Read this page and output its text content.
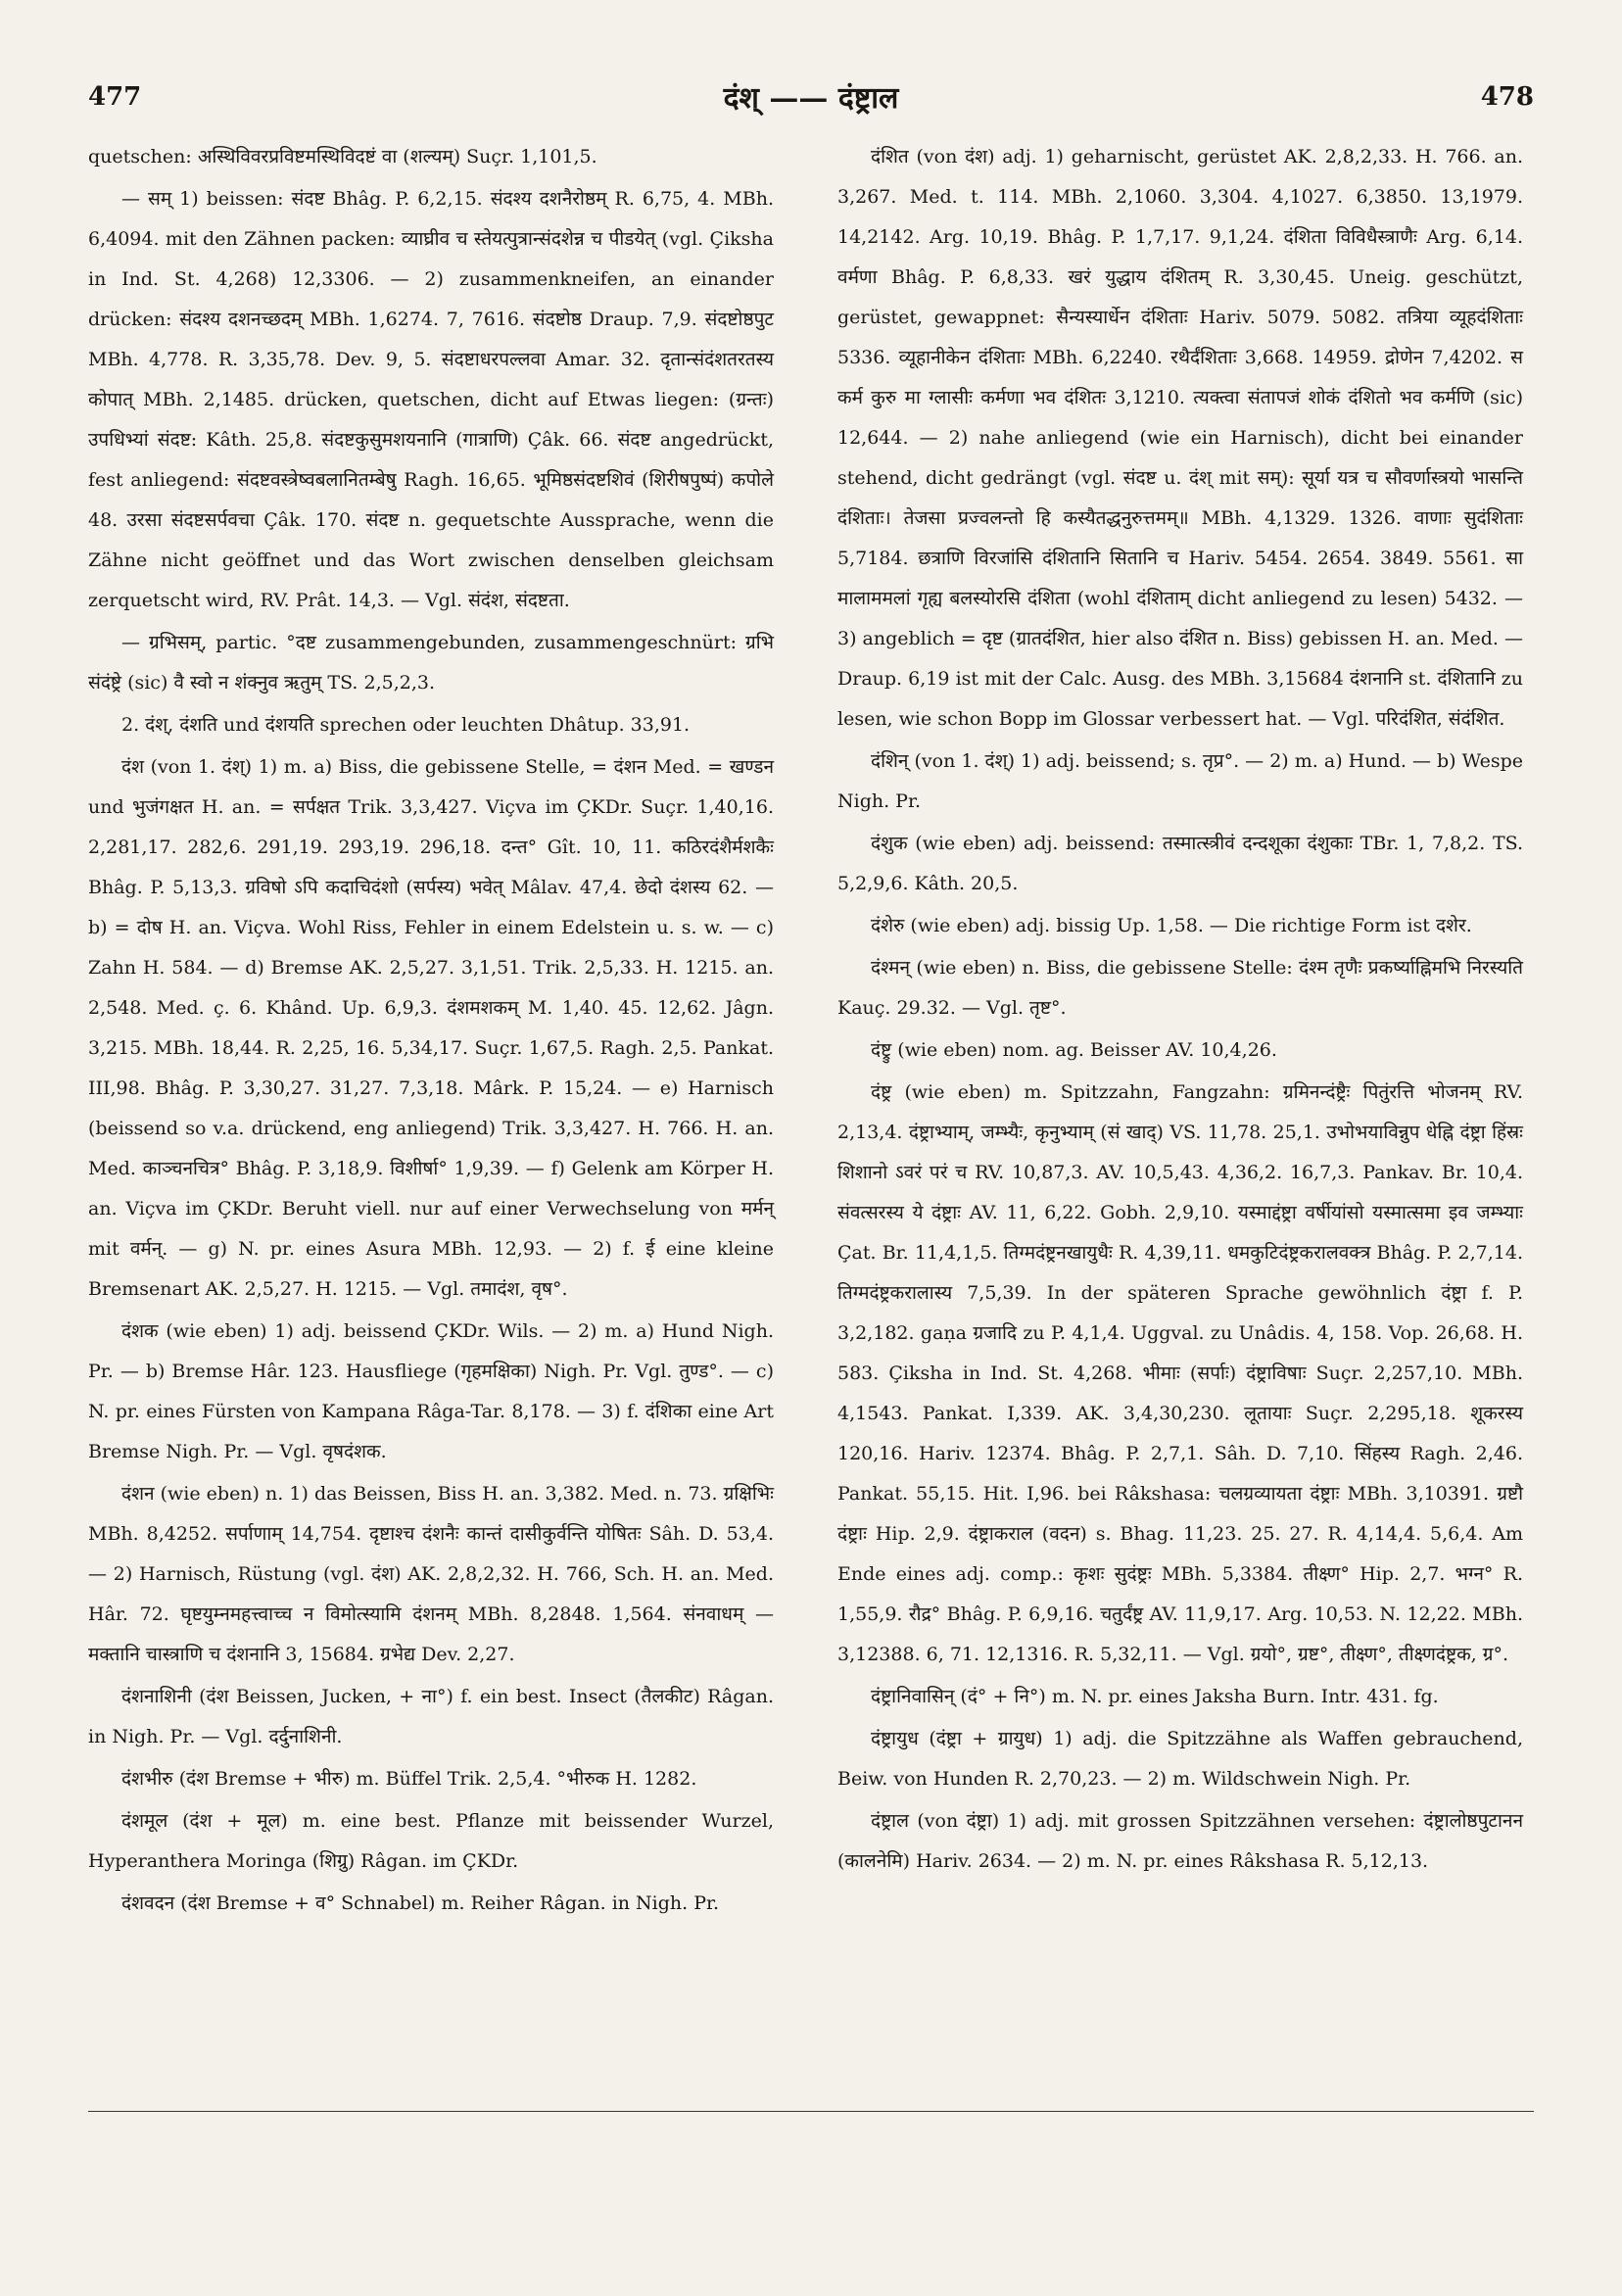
477	दंश् —— दंष्ट्राल	478

quetschen: अस्थिविवरप्रविष्टमस्थिविदष्टं वा (शल्यम्) Suçr. 1,101,5.

— सम् 1) beissen: संदष्ट Bhâg. P. 6,2,15. संदश्य दशनैरोष्ठम् R. 6,75, 4. MBh. 6,4094. mit den Zähnen packen: व्याघ्रीव च स्तेयत्पुत्रान्संदशेन्न च पीडयेत् (vgl. Çiksha in Ind. St. 4,268) 12,3306. — 2) zusammenkneifen, an einander drücken: संदश्य दशनच्छदम् MBh. 1,6274. 7, 7616. संदष्टोष्ठ Draup. 7,9. संदष्टोष्ठपुट MBh. 4,778. R. 3,35,78. Dev. 9, 5. संदष्टाधरपल्लवा Amar. 32. दृतान्संदंशतरतस्य कोपात् MBh. 2,1485. drücken, quetschen, dicht auf Etwas liegen: (ग्रन्तः) उपधिभ्यां संदष्ट: Kâth. 25,8. संदष्टकुसुमशयनानि (गात्राणि) Çâk. 66. संदष्ट angedrückt, fest anliegend: संदष्टवस्त्रेष्वबलानितम्बेषु Ragh. 16,65. भूमिष्ठसंदष्टशिवं (शिरीषपुष्पं) कपोले 48. उरसा संदष्टसर्पवचा Çâk. 170. संदष्ट n. gequetschte Aussprache, wenn die Zähne nicht geöffnet und das Wort zwischen denselben gleichsam zerquetscht wird, RV. Prât. 14,3. — Vgl. संदंश, संदष्टता.

— ग्रभिसम्, partic. °दष्ट zusammengebunden, zusammengeschnürt: ग्रभि संदंष्ट्रे (sic) वै स्वो न शंक्नुव ऋतुम् TS. 2,5,2,3.

2. दंश्, दंशति und दंशयति sprechen oder leuchten Dhâtup. 33,91.

दंश (von 1. दंश्) 1) m. a) Biss, die gebissene Stelle, = दंशन Med. = खण्डन und भुजंगक्षत H. an. = सर्पक्षत Trik. 3,3,427. Viçva im ÇKDr. Suçr. 1,40,16. 2,281,17. 282,6. 291,19. 293,19. 296,18. दन्त° Gît. 10, 11. कठिरदंशैर्मशकैः Bhâg. P. 5,13,3. ग्रविषो ऽपि कदाचिदंशो (सर्पस्य) भवेत् Mâlav. 47,4. छेदो दंशस्य 62. — b) = दोष H. an. Viçva. Wohl Riss, Fehler in einem Edelstein u. s. w. — c) Zahn H. 584. — d) Bremse AK. 2,5,27. 3,1,51. Trik. 2,5,33. H. 1215. an. 2,548. Med. ç. 6. Khând. Up. 6,9,3. दंशमशकम् M. 1,40. 45. 12,62. Jâgn. 3,215. MBh. 18,44. R. 2,25, 16. 5,34,17. Suçr. 1,67,5. Ragh. 2,5. Pankat. III,98. Bhâg. P. 3,30,27. 31,27. 7,3,18. Mârk. P. 15,24. — e) Harnisch (beissend so v.a. drückend, eng anliegend) Trik. 3,3,427. H. 766. H. an. Med. काञ्चनचित्र° Bhâg. P. 3,18,9. विशीर्षा° 1,9,39. — f) Gelenk am Körper H. an. Viçva im ÇKDr. Beruht viell. nur auf einer Verwechselung von मर्मन् mit वर्मन्. — g) N. pr. eines Asura MBh. 12,93. — 2) f. ई eine kleine Bremsenart AK. 2,5,27. H. 1215. — Vgl. तमादंश, वृष°.

दंशक (wie eben) 1) adj. beissend ÇKDr. Wils. — 2) m. a) Hund Nigh. Pr. — b) Bremse Hâr. 123. Hausfliege (गृहमक्षिका) Nigh. Pr. Vgl. तुण्ड°. — c) N. pr. eines Fürsten von Kampana Râga-Tar. 8,178. — 3) f. दंशिका eine Art Bremse Nigh. Pr. — Vgl. वृषदंशक.

दंशन (wie eben) n. 1) das Beissen, Biss H. an. 3,382. Med. n. 73. ग्रक्षिभिः MBh. 8,4252. सर्पाणाम् 14,754. दृष्टाश्च दंशनैः कान्तं दासीकुर्वन्ति योषितः Sâh. D. 53,4. — 2) Harnisch, Rüstung (vgl. दंश) AK. 2,8,2,32. H. 766, Sch. H. an. Med. Hâr. 72. घृष्टयुम्नमहत्त्वाच्च न विमोत्स्यामि दंशनम् MBh. 8,2848. 1,564. संनवाधम् — मक्तानि चास्त्राणि च दंशनानि 3, 15684. ग्रभेद्य Dev. 2,27.

दंशनाशिनी (दंश Beissen, Jucken, + ना°) f. ein best. Insect (तैलकीट) Râgan. in Nigh. Pr. — Vgl. दर्दुनाशिनी.

दंशभीरु (दंश Bremse + भीरु) m. Büffel Trik. 2,5,4. °भीरुक H. 1282.

दंशमूल (दंश + मूल) m. eine best. Pflanze mit beissender Wurzel, Hyperanthera Moringa (शिग्रु) Râgan. im ÇKDr.

दंशवदन (दंश Bremse + व° Schnabel) m. Reiher Râgan. in Nigh. Pr.

दंशित (von दंश) adj. 1) geharnischt, gerüstet AK. 2,8,2,33. H. 766. an. 3,267. Med. t. 114. MBh. 2,1060. 3,304. 4,1027. 6,3850. 13,1979. 14,2142. Arg. 10,19. Bhâg. P. 1,7,17. 9,1,24. दंशिता विविधैस्त्राणैः Arg. 6,14. वर्मणा Bhâg. P. 6,8,33. खरं युद्धाय दंशितम् R. 3,30,45. Uneig. geschützt, gerüstet, gewappnet: सैन्यस्यार्धेन दंशिताः Hariv. 5079. 5082. तत्रिया व्यूहदंशिताः 5336. व्यूहानीकेन दंशिताः MBh. 6,2240. रथैर्दंशिताः 3,668. 14959. द्रोणेन 7,4202. स कर्म कुरु मा ग्लासीः कर्मणा भव दंशितः 3,1210. त्यक्त्वा संतापजं शोकं दंशितो भव कर्मणि (sic) 12,644. — 2) nahe anliegend (wie ein Harnisch), dicht bei einander stehend, dicht gedrängt (vgl. संदष्ट u. दंश् mit सम्): सूर्या यत्र च सौवर्णास्त्रयो भासन्ति दंशिताः। तेजसा प्रज्वलन्तो हि कस्यैतद्धनुरुत्तमम्॥ MBh. 4,1329. 1326. वाणाः सुदंशिताः 5,7184. छत्राणि विरजांसि दंशितानि सितानि च Hariv. 5454. 2654. 3849. 5561. सा मालाममलां गृह्य बलस्योरसि दंशिता (wohl दंशिताम् dicht anliegend zu lesen) 5432. — 3) angeblich = दृष्ट (ग्रातदंशित, hier also दंशित n. Biss) gebissen H. an. Med. — Draup. 6,19 ist mit der Calc. Ausg. des MBh. 3,15684 दंशनानि st. दंशितानि zu lesen, wie schon Bopp im Glossar verbessert hat. — Vgl. परिदंशित, संदंशित.

दंशिन् (von 1. दंश्) 1) adj. beissend; s. तृप्र°. — 2) m. a) Hund. — b) Wespe Nigh. Pr.

दंशुक (wie eben) adj. beissend: तस्मात्स्त्रीवं दन्दशूका दंशुकाः TBr. 1, 7,8,2. TS. 5,2,9,6. Kâth. 20,5.

दंशेरु (wie eben) adj. bissig Up. 1,58. — Die richtige Form ist दशेर.

दंश्मन् (wie eben) n. Biss, die gebissene Stelle: दंश्म तृणैः प्रकर्ष्याह्निमभि निरस्यति Kauç. 29.32. — Vgl. तृष्ट°.

दंष्ट्रु (wie eben) nom. ag. Beisser AV. 10,4,26.

दंष्ट्र (wie eben) m. Spitzzahn, Fangzahn: ग्रमिनन्दंष्ट्रैः पितुंरत्ति भोजनम् RV. 2,13,4. दंष्ट्राभ्याम्, जम्भ्यैः, कृनुभ्याम् (सं खाद्) VS. 11,78. 25,1. उभोभयाविन्नुप धेह्नि दंष्ट्रा हिंस्रः शिशानो ऽवरं परं च RV. 10,87,3. AV. 10,5,43. 4,36,2. 16,7,3. Pankav. Br. 10,4. संवत्सरस्य ये दंष्ट्राः AV. 11, 6,22. Gobh. 2,9,10. यस्माद्दंष्ट्रा वर्षीयांसो यस्मात्समा इव जम्भ्याः Çat. Br. 11,4,1,5. तिग्मदंष्ट्रनखायुधैः R. 4,39,11. धमकुटिदंष्ट्रकरालवक्त्र Bhâg. P. 2,7,14. तिग्मदंष्ट्रकरालास्य 7,5,39. In der späteren Sprache gewöhnlich दंष्ट्रा f. P. 3,2,182. gaṇa ग्रजादि zu P. 4,1,4. Uggval. zu Unâdis. 4, 158. Vop. 26,68. H. 583. Çiksha in Ind. St. 4,268. भीमाः (सर्पाः) दंष्ट्राविषाः Suçr. 2,257,10. MBh. 4,1543. Pankat. I,339. AK. 3,4,30,230. लूतायाः Suçr. 2,295,18. शूकरस्य 120,16. Hariv. 12374. Bhâg. P. 2,7,1. Sâh. D. 7,10. सिंहस्य Ragh. 2,46. Pankat. 55,15. Hit. I,96. bei Râkshasa: चलग्रव्यायता दंष्ट्राः MBh. 3,10391. ग्रष्टौ दंष्ट्राः Hip. 2,9. दंष्ट्राकराल (वदन) s. Bhag. 11,23. 25. 27. R. 4,14,4. 5,6,4. Am Ende eines adj. comp.: कृशः सुदंष्ट्रः MBh. 5,3384. तीक्ष्ण° Hip. 2,7. भग्न° R. 1,55,9. रौद्र° Bhâg. P. 6,9,16. चतुर्दंष्ट्र AV. 11,9,17. Arg. 10,53. N. 12,22. MBh. 3,12388. 6, 71. 12,1316. R. 5,32,11. — Vgl. ग्रयो°, ग्रष्ट°, तीक्ष्ण°, तीक्ष्णदंष्ट्रक, ग्र°.

दंष्ट्रानिवासिन् (दं° + नि°) m. N. pr. eines Jaksha Burn. Intr. 431. fg.

दंष्ट्रायुध (दंष्ट्रा + ग्रायुध) 1) adj. die Spitzzähne als Waffen gebrauchend, Beiw. von Hunden R. 2,70,23. — 2) m. Wildschwein Nigh. Pr.

दंष्ट्राल (von दंष्ट्रा) 1) adj. mit grossen Spitzzähnen versehen: दंष्ट्रालोष्ठपुटानन (कालनेमि) Hariv. 2634. — 2) m. N. pr. eines Râkshasa R. 5,12,13.
